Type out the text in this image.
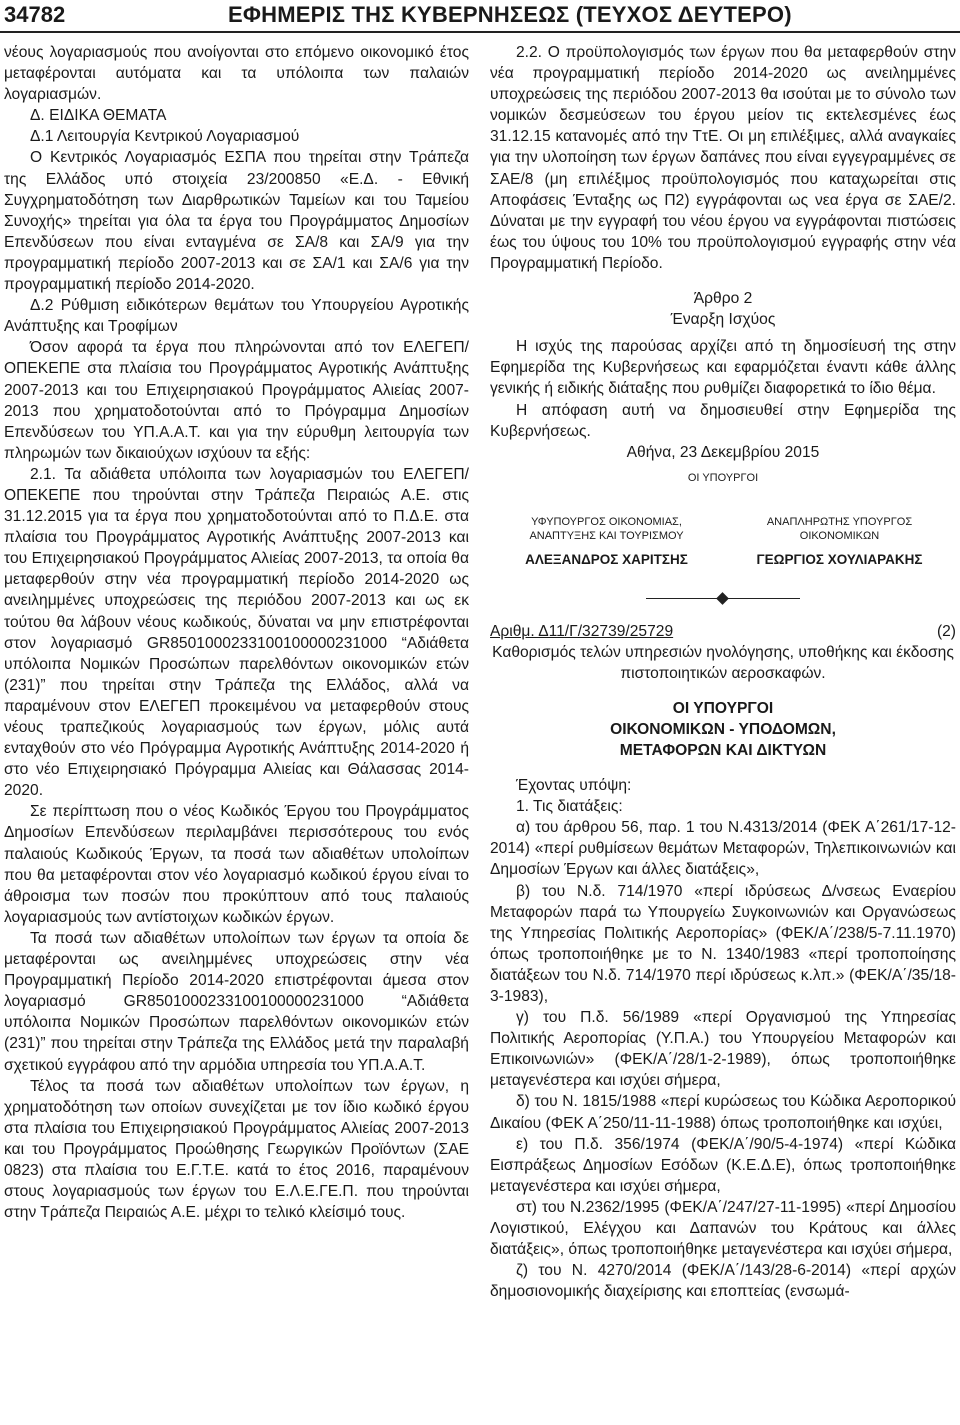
34782	ΕΦΗΜΕΡΙΣ ΤΗΣ ΚΥΒΕΡΝΗΣΕΩΣ (ΤΕΥΧΟΣ ΔΕΥΤΕΡΟ)

νέους λογαριασμούς που ανοίγονται στο επόμενο οικονομικό έτος μεταφέρονται αυτόματα και τα υπόλοιπα των παλαιών λογαριασμών.

Δ. ΕΙΔΙΚΑ ΘΕΜΑΤΑ

Δ.1 Λειτουργία Κεντρικού Λογαριασμού

Ο Κεντρικός Λογαριασμός ΕΣΠΑ που τηρείται στην Τράπεζα της Ελλάδος υπό στοιχεία 23/200850 «Ε.Δ. - Εθνική Συγχρηματοδότηση των Διαρθρωτικών Ταμείων και του Ταμείου Συνοχής» τηρείται για όλα τα έργα του Προγράμματος Δημοσίων Επενδύσεων που είναι ενταγμένα σε ΣΑ/8 και ΣΑ/9 για την προγραμματική περίοδο 2007-2013 και σε ΣΑ/1 και ΣΑ/6 για την προγραμματική περίοδο 2014-2020.

Δ.2 Ρύθμιση ειδικότερων θεμάτων του Υπουργείου Αγροτικής Ανάπτυξης και Τροφίμων

Όσον αφορά τα έργα που πληρώνονται από τον ΕΛΕΓΕΠ/ΟΠΕΚΕΠΕ στα πλαίσια του Προγράμματος Αγροτικής Ανάπτυξης 2007-2013 και του Επιχειρησιακού Προγράμματος Αλιείας 2007-2013 που χρηματοδοτούνται από το Πρόγραμμα Δημοσίων Επενδύσεων του ΥΠ.Α.Α.Τ. και για την εύρυθμη λειτουργία των πληρωμών των δικαιούχων ισχύουν τα εξής:

2.1. Τα αδιάθετα υπόλοιπα των λογαριασμών του ΕΛΕΓΕΠ/ΟΠΕΚΕΠΕ που τηρούνται στην Τράπεζα Πειραιώς Α.Ε. στις 31.12.2015 για τα έργα που χρηματοδοτούνται από το Π.Δ.Ε. στα πλαίσια του Προγράμματος Αγροτικής Ανάπτυξης 2007-2013 και του Επιχειρησιακού Προγράμματος Αλιείας 2007-2013, τα οποία θα μεταφερθούν στην νέα προγραμματική περίοδο 2014-2020 ως ανειλημμένες υποχρεώσεις της περιόδου 2007-2013 και ως εκ τούτου θα λάβουν νέους κωδικούς, δύναται να μην επιστρέφονται στον λογαριασμό GR8501000233100100000231000 “Αδιάθετα υπόλοιπα Νομικών Προσώπων παρελθόντων οικονομικών ετών (231)” που τηρείται στην Τράπεζα της Ελλάδος, αλλά να παραμένουν στον ΕΛΕΓΕΠ προκειμένου να μεταφερθούν στους νέους τραπεζικούς λογαριασμούς των έργων, μόλις αυτά ενταχθούν στο νέο Πρόγραμμα Αγροτικής Ανάπτυξης 2014-2020 ή στο νέο Επιχειρησιακό Πρόγραμμα Αλιείας και Θάλασσας 2014-2020.

Σε περίπτωση που ο νέος Κωδικός Έργου του Προγράμματος Δημοσίων Επενδύσεων περιλαμβάνει περισσότερους του ενός παλαιούς Κωδικούς Έργων, τα ποσά των αδιαθέτων υπολοίπων που θα μεταφέρονται στον νέο λογαριασμό κωδικού έργου είναι το άθροισμα των ποσών που προκύπτουν από τους παλαιούς λογαριασμούς των αντίστοιχων κωδικών έργων.

Τα ποσά των αδιαθέτων υπολοίπων των έργων τα οποία δε μεταφέρονται ως ανειλημμένες υποχρεώσεις στην νέα Προγραμματική Περίοδο 2014-2020 επιστρέφονται άμεσα στον λογαριασμό GR8501000233100100000231000 “Αδιάθετα υπόλοιπα Νομικών Προσώπων παρελθόντων οικονομικών ετών (231)” που τηρείται στην Τράπεζα της Ελλάδος μετά την παραλαβή σχετικού εγγράφου από την αρμόδια υπηρεσία του ΥΠ.Α.Α.Τ.

Τέλος τα ποσά των αδιαθέτων υπολοίπων των έργων, η χρηματοδότηση των οποίων συνεχίζεται με τον ίδιο κωδικό έργου στα πλαίσια του Επιχειρησιακού Προγράμματος Αλιείας 2007-2013 και του Προγράμματος Προώθησης Γεωργικών Προϊόντων (ΣΑΕ 0823) στα πλαίσια του Ε.Γ.Τ.Ε. κατά το έτος 2016, παραμένουν στους λογαριασμούς των έργων του Ε.Λ.Ε.ΓΕ.Π. που τηρούνται στην Τράπεζα Πειραιώς Α.Ε. μέχρι το τελικό κλείσιμό τους.

2.2. Ο προϋπολογισμός των έργων που θα μεταφερθούν στην νέα προγραμματική περίοδο 2014-2020 ως ανειλημμένες υποχρεώσεις της περιόδου 2007-2013 θα ισούται με το σύνολο των νομικών δεσμεύσεων του έργου μείον τις εκτελεσμένες έως 31.12.15 κατανομές από την ΤτΕ. Οι μη επιλέξιμες, αλλά αναγκαίες για την υλοποίηση των έργων δαπάνες που είναι εγγεγραμμένες σε ΣΑΕ/8 (μη επιλέξιμος προϋπολογισμός που καταχωρείται στις Αποφάσεις Ένταξης ως Π2) εγγράφονται ως νεα έργα σε ΣΑΕ/2. Δύναται με την εγγραφή του νέου έργου να εγγράφονται πιστώσεις έως του ύψους του 10% του προϋπολογισμού εγγραφής στην νέα Προγραμματική Περίοδο.

Άρθρο 2

Έναρξη Ισχύος

Η ισχύς της παρούσας αρχίζει από τη δημοσίευσή της στην Εφημερίδα της Κυβερνήσεως και εφαρμόζεται έναντι κάθε άλλης γενικής ή ειδικής διάταξης που ρυθμίζει διαφορετικά το ίδιο θέμα.

Η απόφαση αυτή να δημοσιευθεί στην Εφημερίδα της Κυβερνήσεως.

Αθήνα, 23 Δεκεμβρίου 2015

ΟΙ ΥΠΟΥΡΓΟΙ
ΥΦΥΠΟΥΡΓΟΣ ΟΙΚΟΝΟΜΙΑΣ,
ΑΝΑΠΤΥΞΗΣ ΚΑΙ ΤΟΥΡΙΣΜΟΥ
ΑΛΕΞΑΝΔΡΟΣ ΧΑΡΙΤΣΗΣ
ΑΝΑΠΛΗΡΩΤΗΣ ΥΠΟΥΡΓΟΣ
ΟΙΚΟΝΟΜΙΚΩΝ
ΓΕΩΡΓΙΟΣ ΧΟΥΛΙΑΡΑΚΗΣ
Αριθμ. Δ11/Γ/32739/25729	(2)

Καθορισμός τελών υπηρεσιών ηνολόγησης, υποθήκης και έκδοσης πιστοποιητικών αεροσκαφών.

ΟΙ ΥΠΟΥΡΓΟΙ
ΟΙΚΟΝΟΜΙΚΩΝ - ΥΠΟΔΟΜΩΝ,
ΜΕΤΑΦΟΡΩΝ ΚΑΙ ΔΙΚΤΥΩΝ

Έχοντας υπόψη:

1. Τις διατάξεις:

α) του άρθρου 56, παρ. 1 του Ν.4313/2014 (ΦΕΚ Α΄261/17-12-2014) «περί ρυθμίσεων θεμάτων Μεταφορών, Τηλεπικοινωνιών και Δημοσίων Έργων και άλλες διατάξεις»,

β) του Ν.δ. 714/1970 «περί ιδρύσεως Δ/νσεως Εναερίου Μεταφορών παρά τω Υπουργείω Συγκοινωνιών και Οργανώσεως της Υπηρεσίας Πολιτικής Αεροπορίας» (ΦΕΚ/Α΄/238/5-7.11.1970) όπως τροποποιήθηκε με το Ν. 1340/1983 «περί τροποποίησης διατάξεων του Ν.δ. 714/1970 περί ιδρύσεως κ.λπ.» (ΦΕΚ/Α΄/35/18-3-1983),

γ) του Π.δ. 56/1989 «περί Οργανισμού της Υπηρεσίας Πολιτικής Αεροπορίας (Υ.Π.Α.) του Υπουργείου Μεταφορών και Επικοινωνιών» (ΦΕΚ/Α΄/28/1-2-1989), όπως τροποποιήθηκε μεταγενέστερα και ισχύει σήμερα,

δ) του Ν. 1815/1988 «περί κυρώσεως του Κώδικα Αεροπορικού Δικαίου (ΦΕΚ Α΄250/11-11-1988) όπως τροποποιήθηκε και ισχύει,

ε) του Π.δ. 356/1974 (ΦΕΚ/Α΄/90/5-4-1974) «περί Κώδικα Εισπράξεως Δημοσίων Εσόδων (Κ.Ε.Δ.Ε), όπως τροποποιήθηκε μεταγενέστερα και ισχύει σήμερα,

στ) του Ν.2362/1995 (ΦΕΚ/Α΄/247/27-11-1995) «περί Δημοσίου Λογιστικού, Ελέγχου και Δαπανών του Κράτους και άλλες διατάξεις», όπως τροποποιήθηκε μεταγενέστερα και ισχύει σήμερα,

ζ) του Ν. 4270/2014 (ΦΕΚ/Α΄/143/28-6-2014) «περί αρχών δημοσιονομικής διαχείρισης και εποπτείας (ενσωμά-
